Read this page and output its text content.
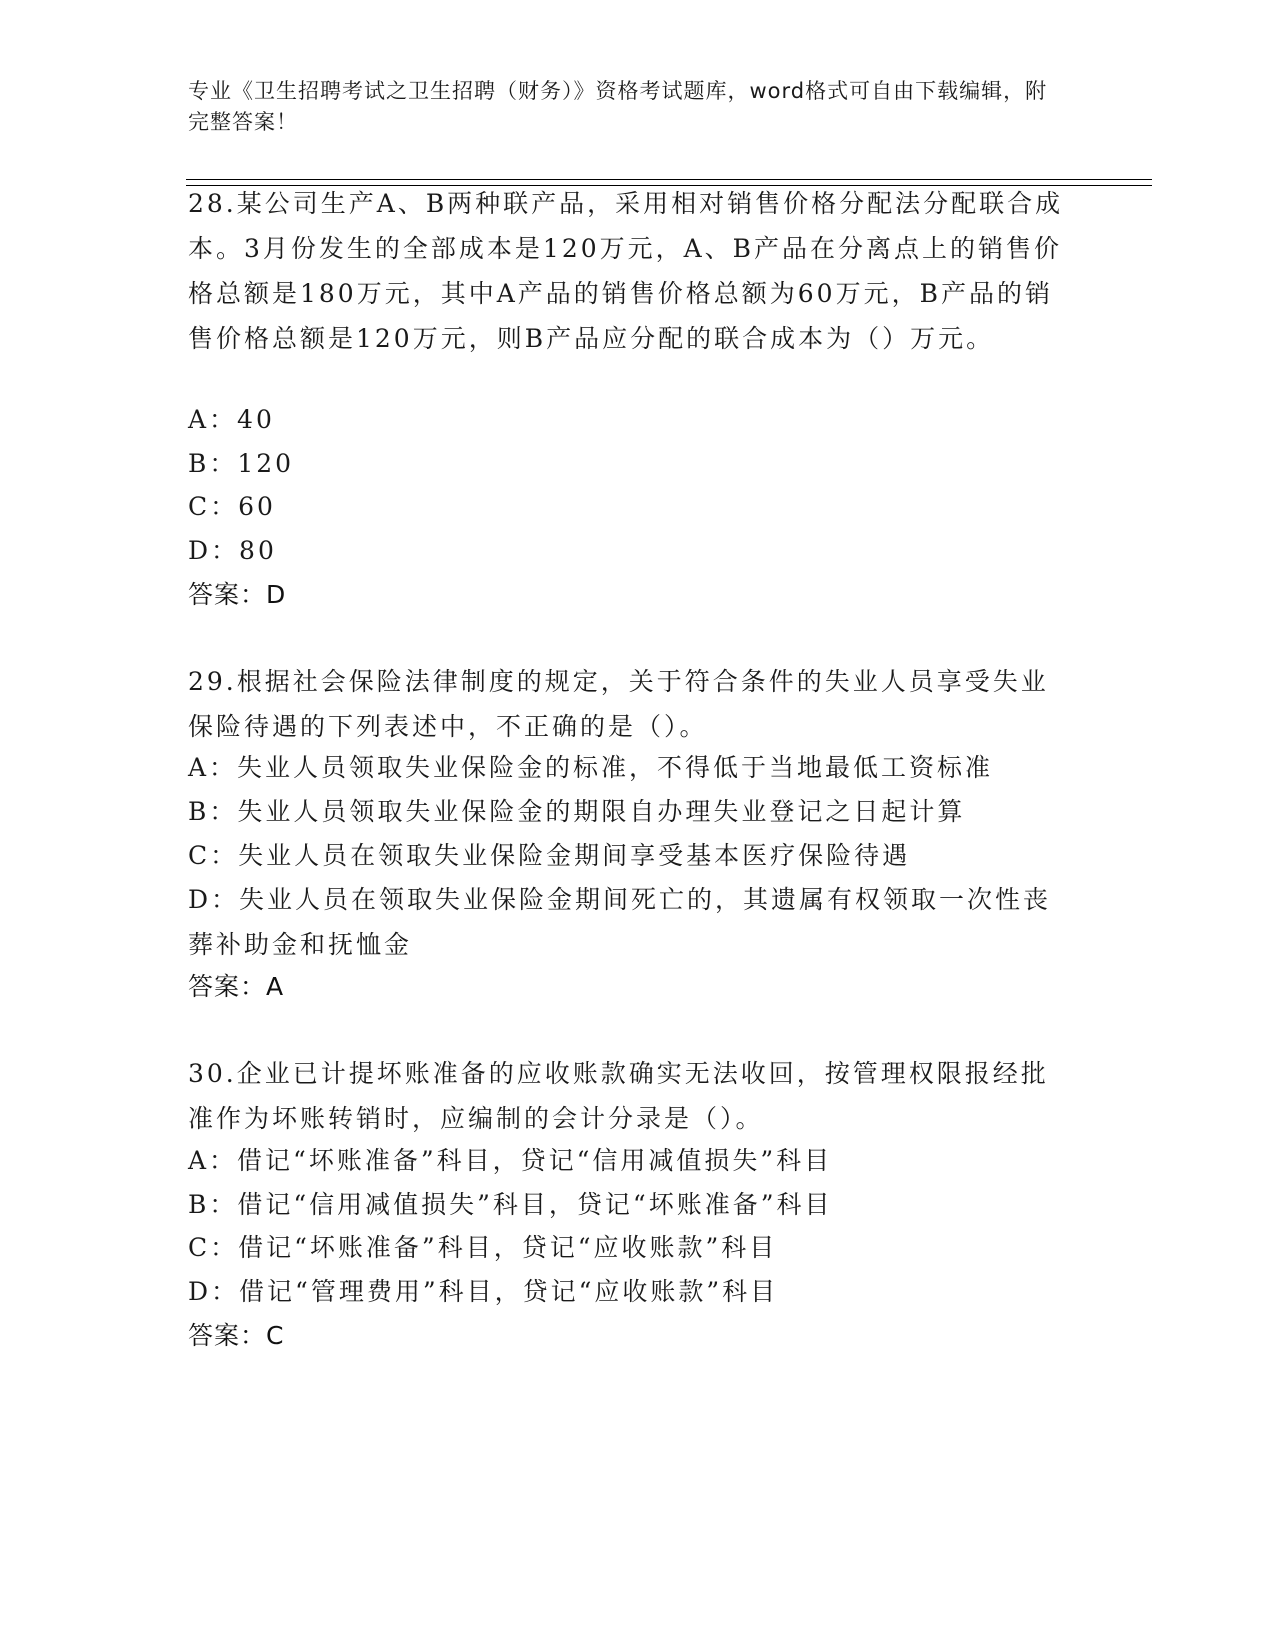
专业《卫生招聘考试之卫生招聘（财务）》资格考试题库，word格式可自由下载编辑，附完整答案！
28.某公司生产A、B两种联产品，采用相对销售价格分配法分配联合成本。3月份发生的全部成本是120万元，A、B产品在分离点上的销售价格总额是180万元，其中A产品的销售价格总额为60万元，B产品的销售价格总额是120万元，则B产品应分配的联合成本为（）万元。
A：40
B：120
C：60
D：80
答案：D
29.根据社会保险法律制度的规定，关于符合条件的失业人员享受失业保险待遇的下列表述中，不正确的是（）。
A：失业人员领取失业保险金的标准，不得低于当地最低工资标准
B：失业人员领取失业保险金的期限自办理失业登记之日起计算
C：失业人员在领取失业保险金期间享受基本医疗保险待遇
D：失业人员在领取失业保险金期间死亡的，其遗属有权领取一次性丧葬补助金和抚恤金
答案：A
30.企业已计提坏账准备的应收账款确实无法收回，按管理权限报经批准作为坏账转销时，应编制的会计分录是（）。
A：借记“坏账准备”科目，贷记“信用减值损失”科目
B：借记“信用减值损失”科目，贷记“坏账准备”科目
C：借记“坏账准备”科目，贷记“应收账款”科目
D：借记“管理费用”科目，贷记“应收账款”科目
答案：C
